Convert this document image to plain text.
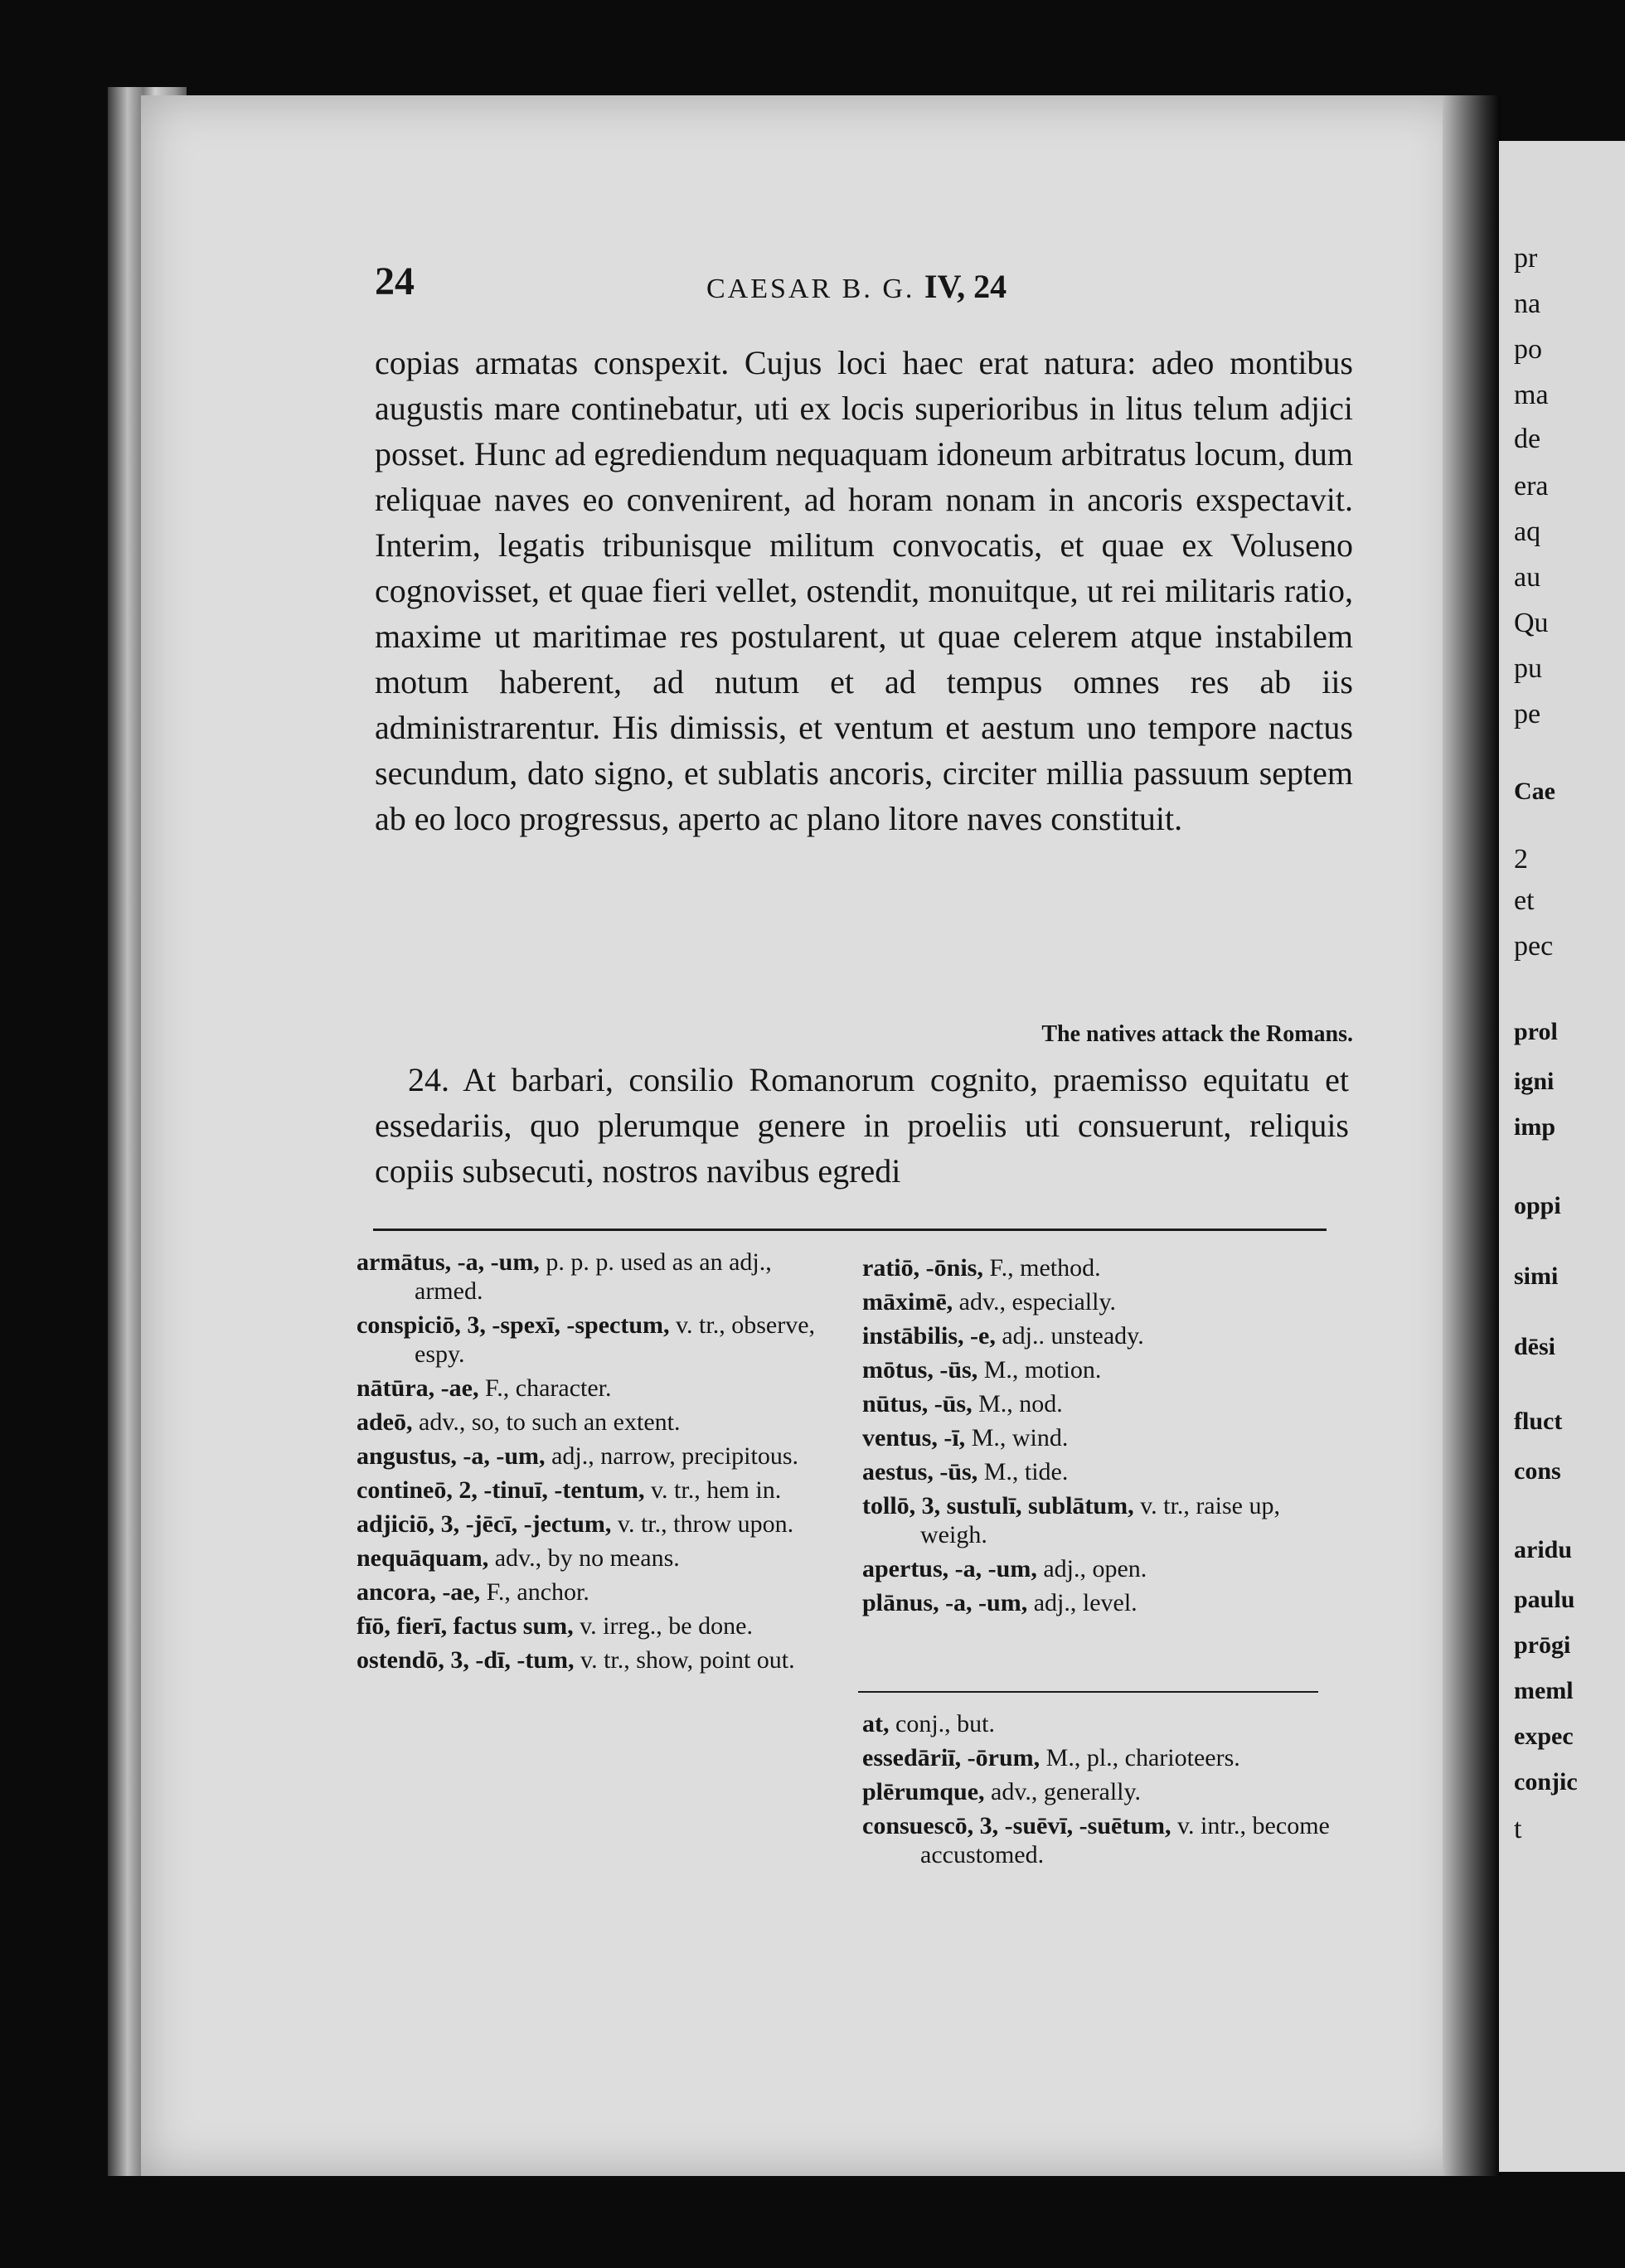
pr
na
po
ma
de
era
aq
au
Qu
pu
pe
Cae
2
et
pec
prol
igni
imp
oppi
simi
dēsi
fluct
cons
aridu
paulu
prōgi
meml
expec
conjic
t
24	CAESAR B. G. IV, 24

copias armatas conspexit. Cujus loci haec erat natura: adeo montibus augustis mare continebatur, uti ex locis superioribus in litus telum adjici posset. Hunc ad egrediendum nequaquam idoneum arbitratus locum, dum reliquae naves eo convenirent, ad horam nonam in ancoris exspectavit. Interim, legatis tribunisque militum convocatis, et quae ex Voluseno cognovisset, et quae fieri vellet, ostendit, monuitque, ut rei militaris ratio, maxime ut maritimae res postularent, ut quae celerem atque instabilem motum haberent, ad nutum et ad tempus omnes res ab iis administrarentur. His dimissis, et ventum et aestum uno tempore nactus secundum, dato signo, et sublatis ancoris, circiter millia passuum septem ab eo loco progressus, aperto ac plano litore naves constituit.

The natives attack the Romans.

24. At barbari, consilio Romanorum cognito, praemisso equitatu et essedariis, quo plerumque genere in proeliis uti consuerunt, reliquis copiis subsecuti, nostros navibus egredi

armātus, -a, -um, p. p. p. used as an adj., armed.

conspiciō, 3, -spexī, -spectum, v. tr., observe, espy.

nātūra, -ae, F., character.

adeō, adv., so, to such an extent.

angustus, -a, -um, adj., narrow, precipitous.

contineō, 2, -tinuī, -tentum, v. tr., hem in.

adjiciō, 3, -jēcī, -jectum, v. tr., throw upon.

nequāquam, adv., by no means.

ancora, -ae, F., anchor.

fīō, fierī, factus sum, v. irreg., be done.

ostendō, 3, -dī, -tum, v. tr., show, point out.

ratiō, -ōnis, F., method.

māximē, adv., especially.

instābilis, -e, adj.. unsteady.

mōtus, -ūs, M., motion.

nūtus, -ūs, M., nod.

ventus, -ī, M., wind.

aestus, -ūs, M., tide.

tollō, 3, sustulī, sublātum, v. tr., raise up, weigh.

apertus, -a, -um, adj., open.

plānus, -a, -um, adj., level.

at, conj., but.

essedāriī, -ōrum, M., pl., charioteers.

plērumque, adv., generally.

consuescō, 3, -suēvī, -suētum, v. intr., become accustomed.
